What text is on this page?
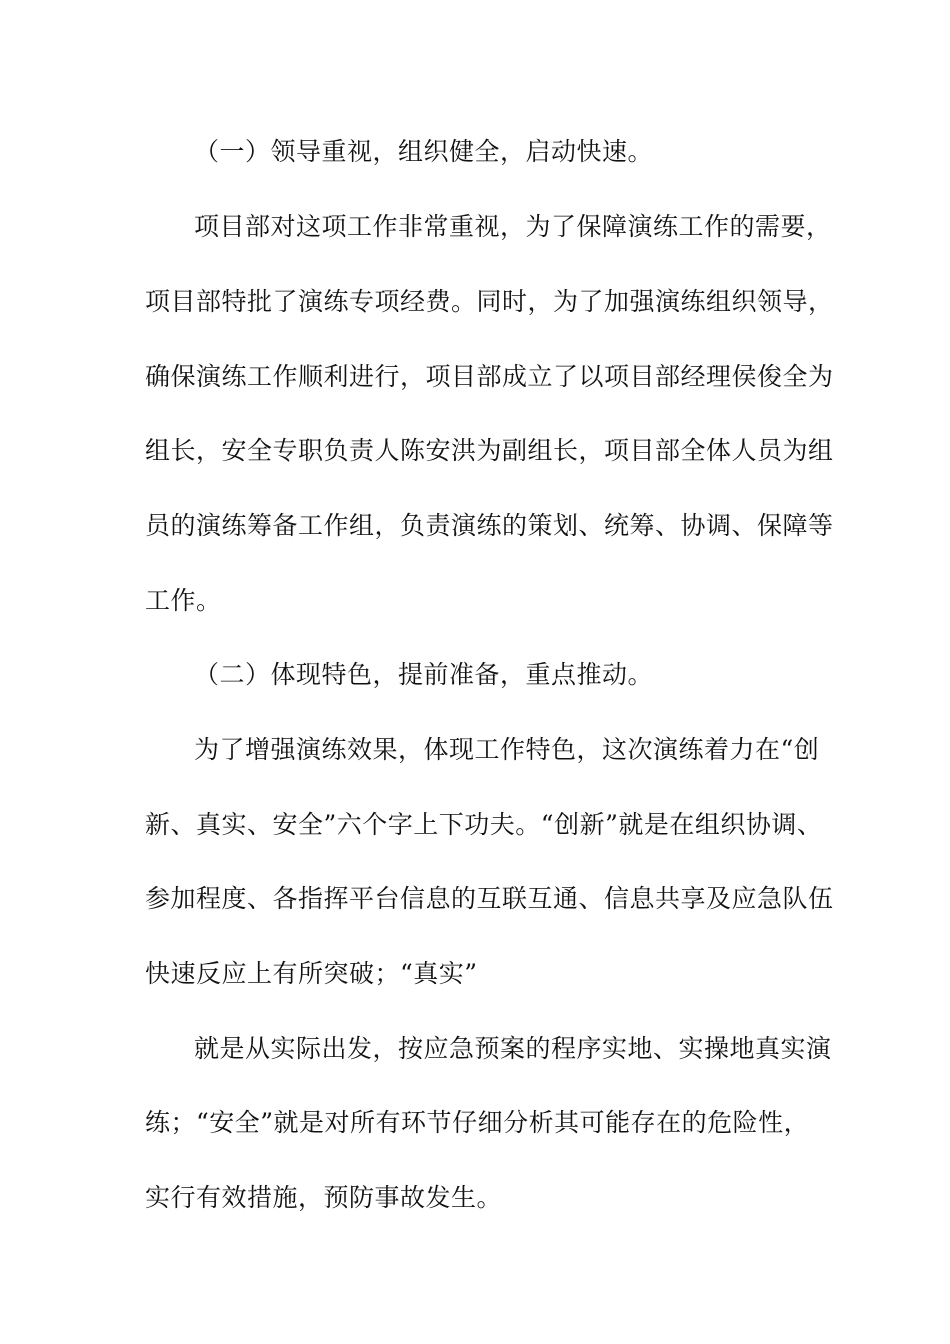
（一）领导重视，组织健全，启动快速。
项目部对这项工作非常重视，为了保障演练工作的需要，
项目部特批了演练专项经费。同时，为了加强演练组织领导，
确保演练工作顺利进行，项目部成立了以项目部经理侯俊全为
组长，安全专职负责人陈安洪为副组长，项目部全体人员为组
员的演练筹备工作组，负责演练的策划、统筹、协调、保障等
工作。
（二）体现特色，提前准备，重点推动。
为了增强演练效果，体现工作特色，这次演练着力在“创
新、真实、安全”六个字上下功夫。“创新”就是在组织协调、
参加程度、各指挥平台信息的互联互通、信息共享及应急队伍
快速反应上有所突破；“真实”
就是从实际出发，按应急预案的程序实地、实操地真实演
练；“安全”就是对所有环节仔细分析其可能存在的危险性，
实行有效措施，预防事故发生。
